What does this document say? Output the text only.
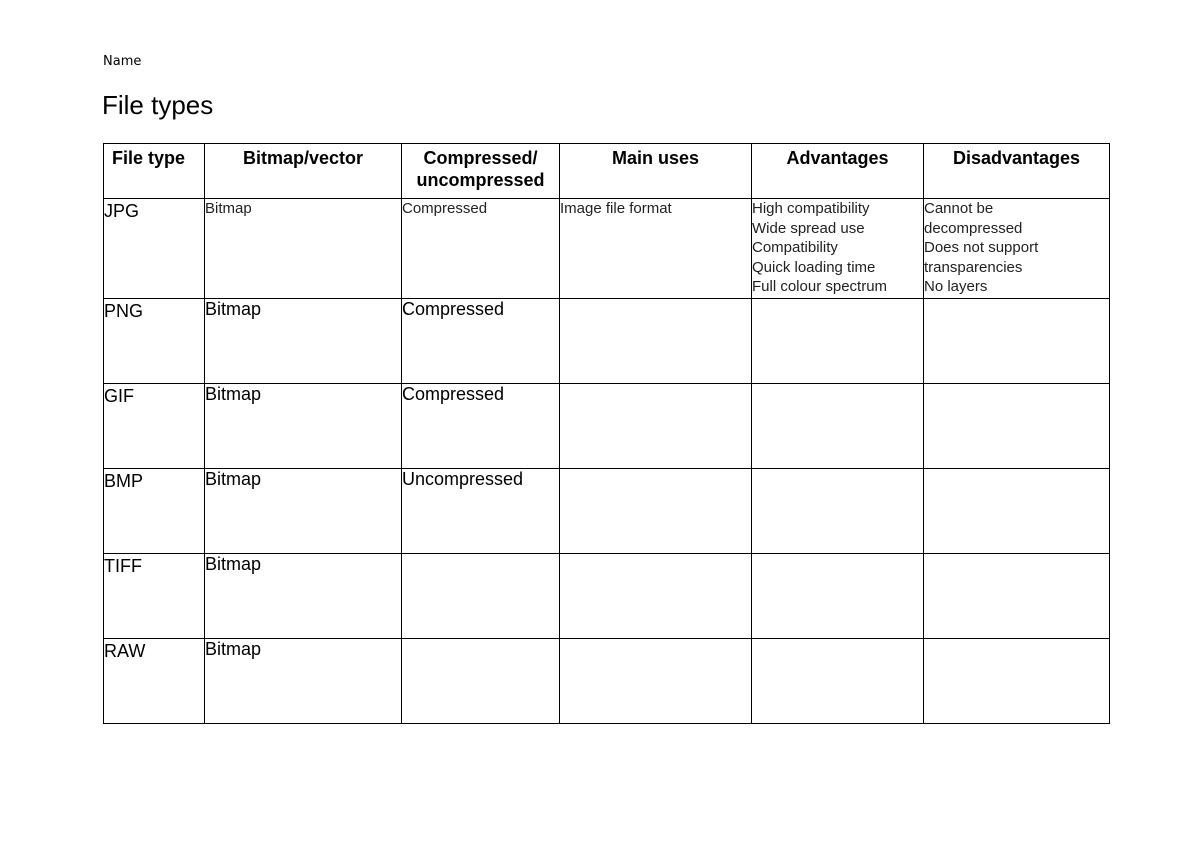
Name
File types
File type	Bitmap/vector	Compressed/
uncompressed	Main uses	Advantages	Disadvantages
JPG	Bitmap	Compressed	Image file format	High compatibility
Wide spread use
Compatibility
Quick loading time
Full colour spectrum	Cannot be
decompressed
Does not support
transparencies
No layers

PNG	Bitmap	Compressed			
GIF	Bitmap	Compressed			
BMP	Bitmap	Uncompressed			
TIFF	Bitmap				
RAW	Bitmap				
